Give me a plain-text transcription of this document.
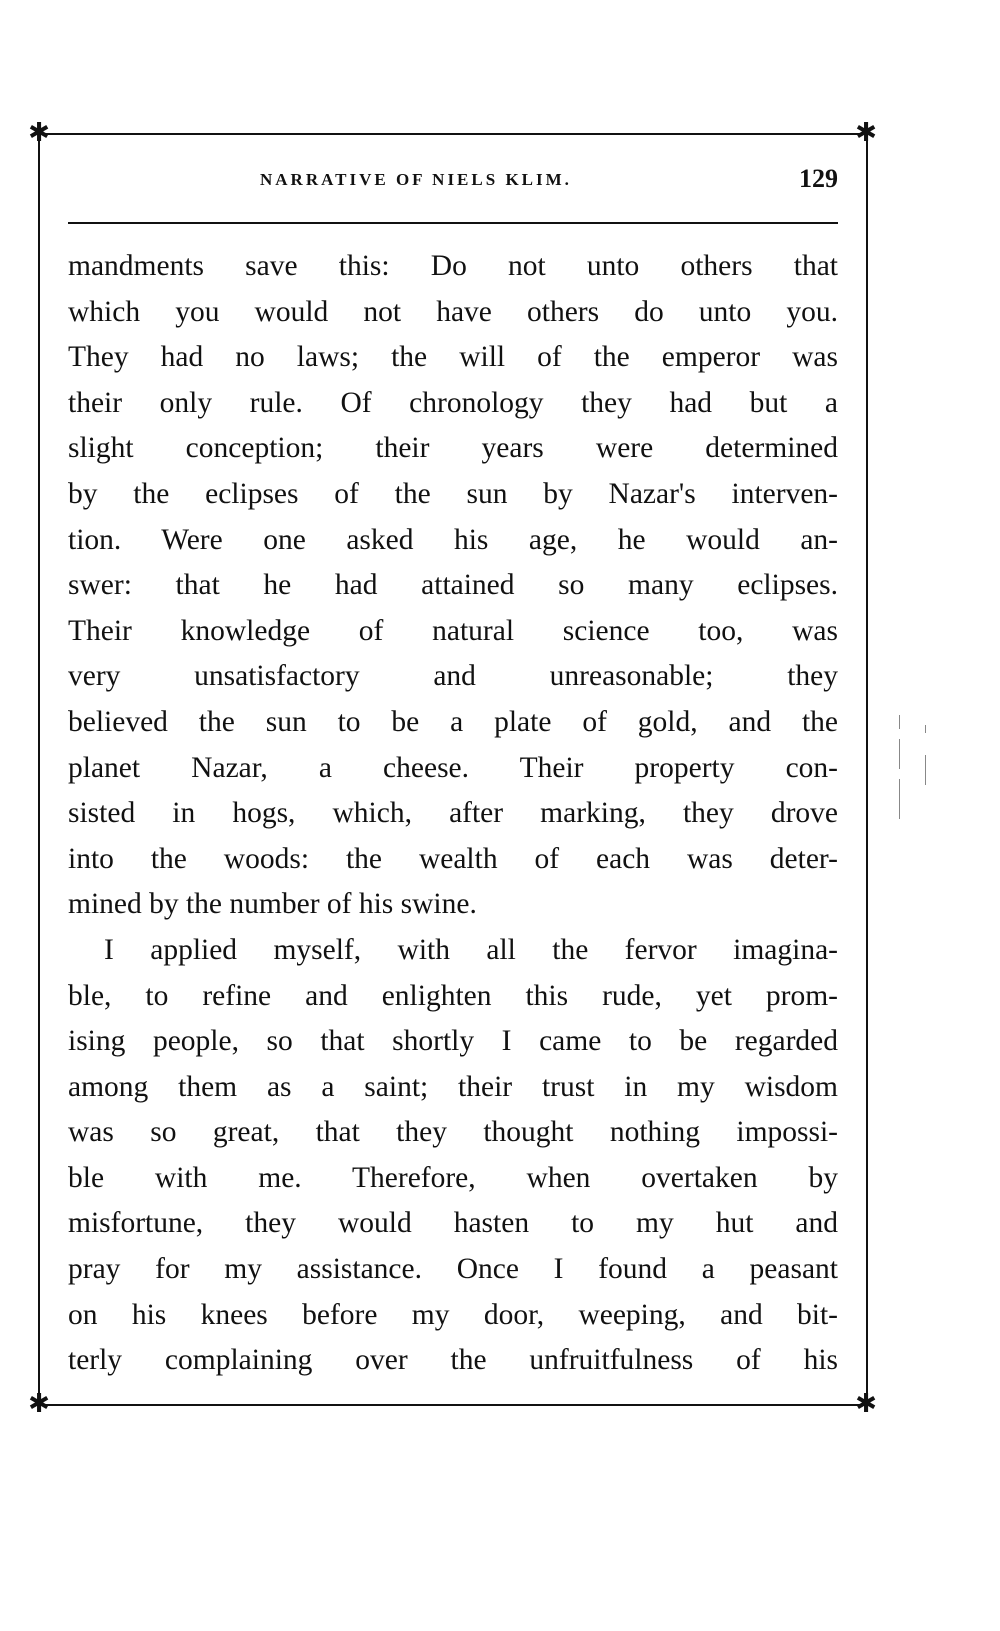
✱	✱
✱	✱
NARRATIVE OF NIELS KLIM.	129
mandments save this: Do not unto others that
which you would not have others do unto you.
They had no laws; the will of the emperor was
their only rule. Of chronology they had but a
slight conception; their years were determined
by the eclipses of the sun by Nazar's interven-
tion. Were one asked his age, he would an-
swer: that he had attained so many eclipses.
Their knowledge of natural science too, was
very unsatisfactory and unreasonable; they
believed the sun to be a plate of gold, and the
planet Nazar, a cheese. Their property con-
sisted in hogs, which, after marking, they drove
into the woods: the wealth of each was deter-
mined by the number of his swine.
I applied myself, with all the fervor imagina-
ble, to refine and enlighten this rude, yet prom-
ising people, so that shortly I came to be regarded
among them as a saint; their trust in my wisdom
was so great, that they thought nothing impossi-
ble with me. Therefore, when overtaken by
misfortune, they would hasten to my hut and
pray for my assistance. Once I found a peasant
on his knees before my door, weeping, and bit-
terly complaining over the unfruitfulness of his
